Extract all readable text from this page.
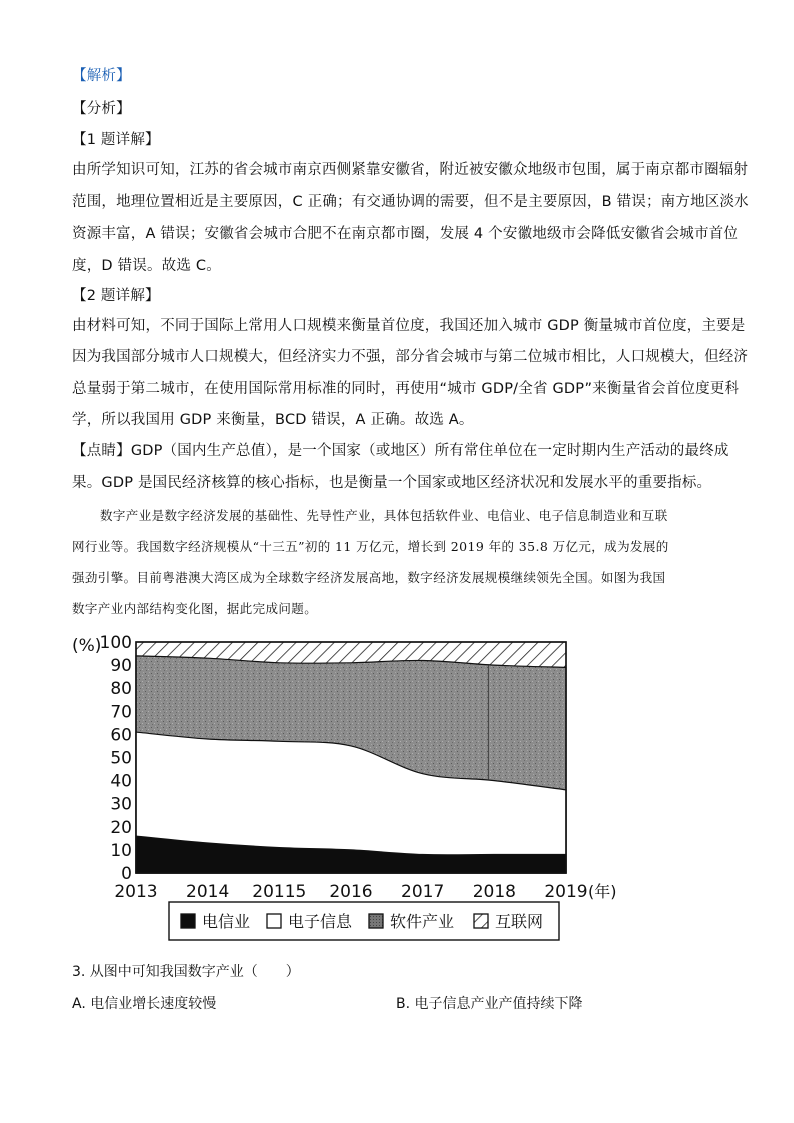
【解析】
【分析】
【1 题详解】
由所学知识可知，江苏的省会城市南京西侧紧靠安徽省，附近被安徽众地级市包围，属于南京都市圈辐射
范围，地理位置相近是主要原因，C 正确；有交通协调的需要，但不是主要原因，B 错误；南方地区淡水
资源丰富，A 错误；安徽省会城市合肥不在南京都市圈，发展 4 个安徽地级市会降低安徽省会城市首位
度，D 错误。故选 C。
【2 题详解】
由材料可知，不同于国际上常用人口规模来衡量首位度，我国还加入城市 GDP 衡量城市首位度，主要是
因为我国部分城市人口规模大，但经济实力不强，部分省会城市与第二位城市相比，人口规模大，但经济
总量弱于第二城市，在使用国际常用标准的同时，再使用“城市 GDP/全省 GDP”来衡量省会首位度更科
学，所以我国用 GDP 来衡量，BCD 错误，A 正确。故选 A。
【点睛】GDP（国内生产总值），是一个国家（或地区）所有常住单位在一定时期内生产活动的最终成
果。GDP 是国民经济核算的核心指标，也是衡量一个国家或地区经济状况和发展水平的重要指标。
数字产业是数字经济发展的基础性、先导性产业，具体包括软件业、电信业、电子信息制造业和互联
网行业等。我国数字经济规模从“十三五”初的 11 万亿元，增长到 2019 年的 35.8 万亿元，成为发展的
强劲引擎。目前粤港澳大湾区成为全球数字经济发展高地，数字经济发展规模继续领先全国。如图为我国
数字产业内部结构变化图，据此完成问题。
0
10
20
30
40
50
60
70
80
90
100
(%)
2013 2014 20115 2016 2017 2018 2019 (年)
电信业 电子信息 软件产业	互联网
3. 从图中可知我国数字产业（　　）
A. 电信业增长速度较慢	B. 电子信息产业产值持续下降
